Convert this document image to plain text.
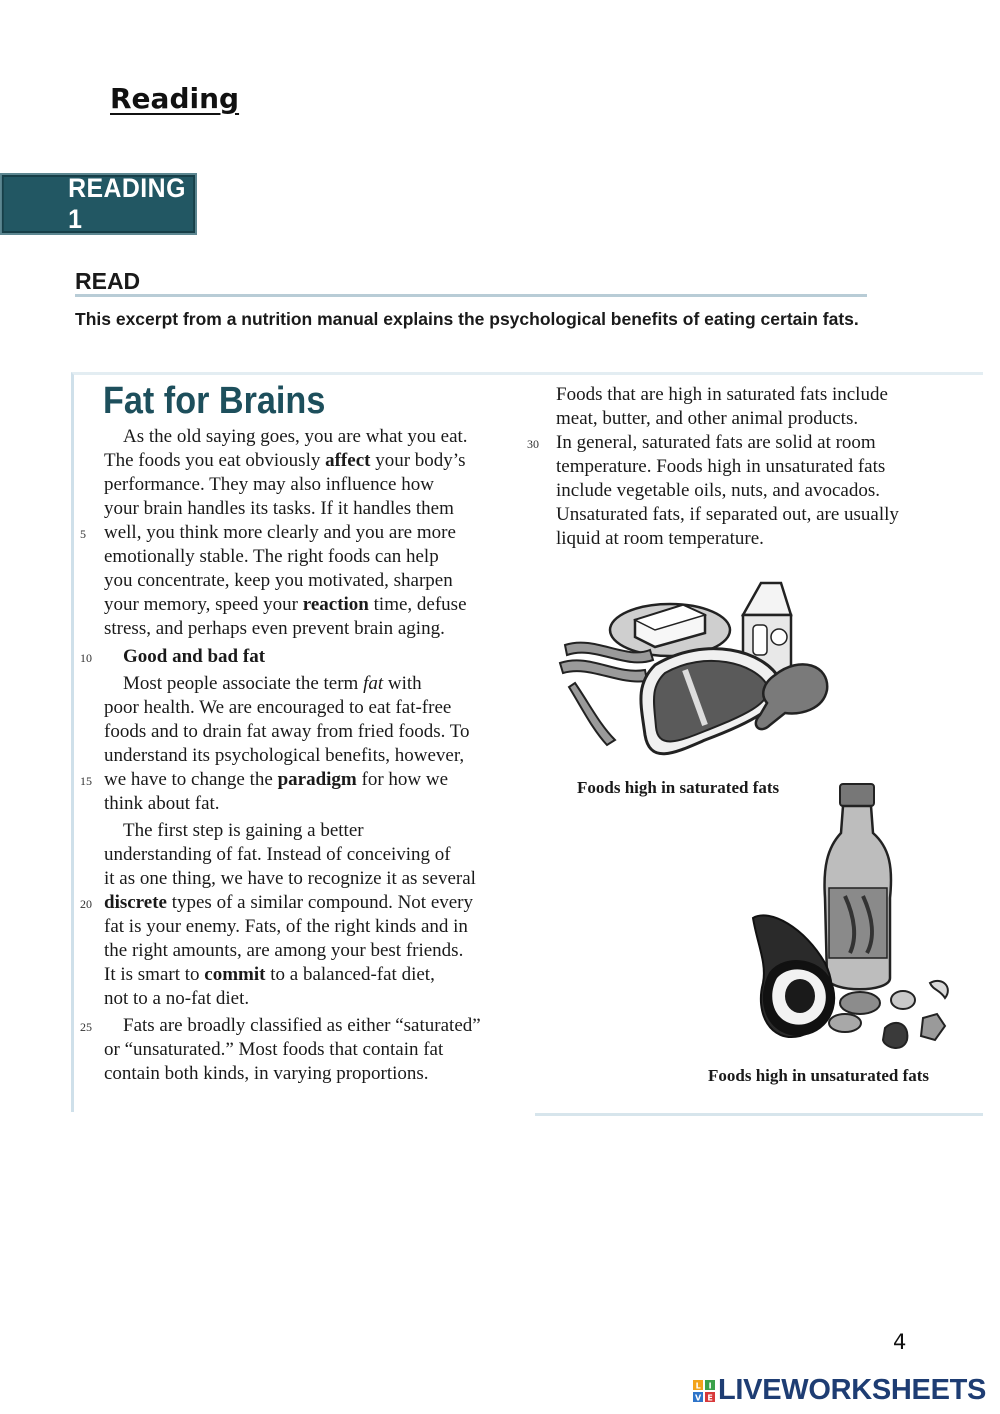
Reading
READING 1
READ
This excerpt from a nutrition manual explains the psychological benefits of eating certain fats.
Fat for Brains
As the old saying goes, you are what you eat.
The foods you eat obviously affect your body’s
performance. They may also influence how
your brain handles its tasks. If it handles them
well, you think more clearly and you are more
5
emotionally stable. The right foods can help
you concentrate, keep you motivated, sharpen
your memory, speed your reaction time, defuse
stress, and perhaps even prevent brain aging.
Good and bad fat
10
Most people associate the term fat with
poor health. We are encouraged to eat fat-free
foods and to drain fat away from fried foods. To
understand its psychological benefits, however,
we have to change the paradigm for how we
15
think about fat.
The first step is gaining a better
understanding of fat. Instead of conceiving of
it as one thing, we have to recognize it as several
discrete types of a similar compound. Not every
20
fat is your enemy. Fats, of the right kinds and in
the right amounts, are among your best friends.
It is smart to commit to a balanced-fat diet,
not to a no-fat diet.
Fats are broadly classified as either “saturated”
25
or “unsaturated.” Most foods that contain fat
contain both kinds, in varying proportions.
Foods that are high in saturated fats include
meat, butter, and other animal products.
In general, saturated fats are solid at room
30
temperature. Foods high in unsaturated fats
include vegetable oils, nuts, and avocados.
Unsaturated fats, if separated out, are usually
liquid at room temperature.
Foods high in saturated fats
Foods high in unsaturated fats
4
L I
V E LIVEWORKSHEETS
